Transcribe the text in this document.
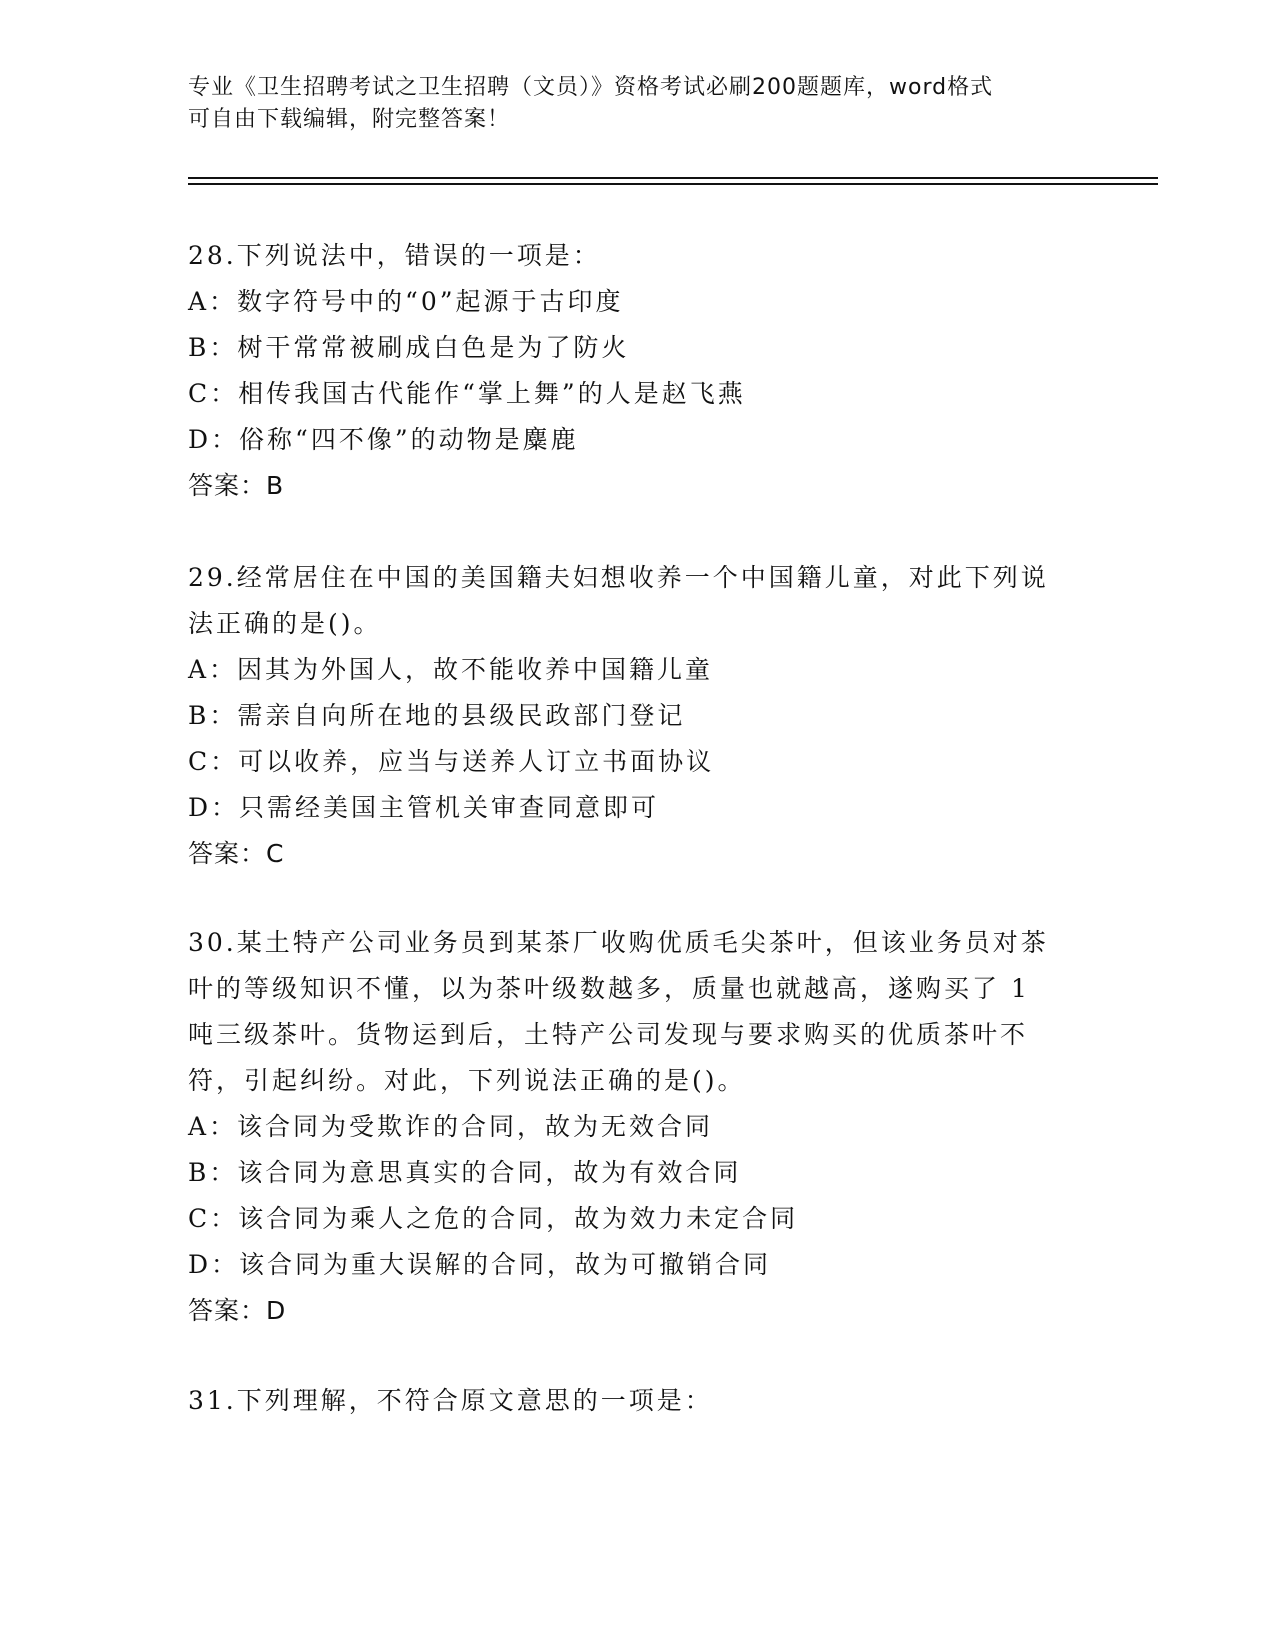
专业《卫生招聘考试之卫生招聘（文员）》资格考试必刷200题题库，word格式
可自由下载编辑，附完整答案！
28.下列说法中，错误的一项是：
A：数字符号中的“0”起源于古印度
B：树干常常被刷成白色是为了防火
C：相传我国古代能作“掌上舞”的人是赵飞燕
D：俗称“四不像”的动物是麋鹿
答案：B
29.经常居住在中国的美国籍夫妇想收养一个中国籍儿童，对此下列说
法正确的是()。
A：因其为外国人，故不能收养中国籍儿童
B：需亲自向所在地的县级民政部门登记
C：可以收养，应当与送养人订立书面协议
D：只需经美国主管机关审查同意即可
答案：C
30.某土特产公司业务员到某茶厂收购优质毛尖茶叶，但该业务员对茶
叶的等级知识不懂，以为茶叶级数越多，质量也就越高，遂购买了 1
吨三级茶叶。货物运到后，土特产公司发现与要求购买的优质茶叶不
符，引起纠纷。对此，下列说法正确的是()。
A：该合同为受欺诈的合同，故为无效合同
B：该合同为意思真实的合同，故为有效合同
C：该合同为乘人之危的合同，故为效力未定合同
D：该合同为重大误解的合同，故为可撤销合同
答案：D
31.下列理解，不符合原文意思的一项是：
